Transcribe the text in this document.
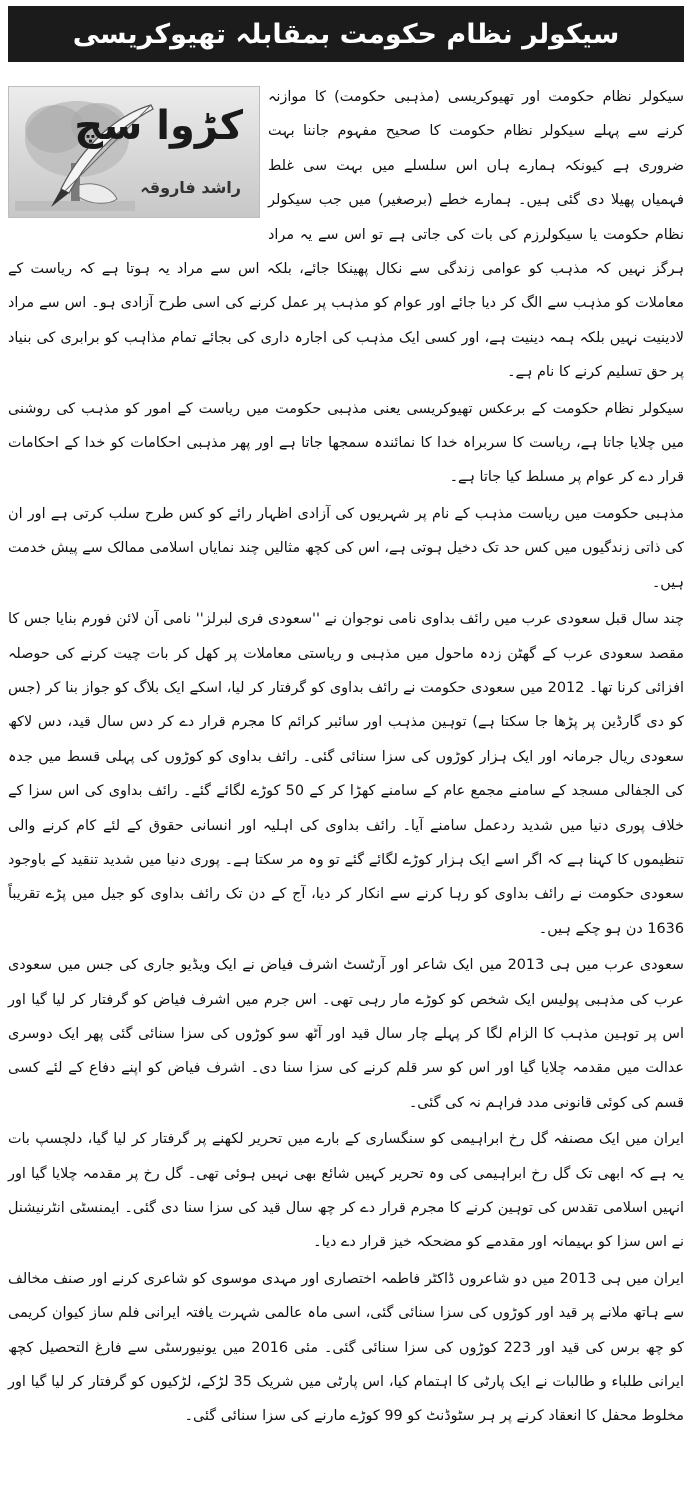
سیکولر نظام حکومت بمقابلہ تھیوکریسی

کڑوا سچ
راشد فاروقہ
سیکولر نظام حکومت اور تھیوکریسی (مذہبی حکومت) کا موازنہ کرنے سے پہلے سیکولر نظام حکومت کا صحیح مفہوم جاننا بہت ضروری ہے کیونکہ ہمارے ہاں اس سلسلے میں بہت سی غلط فہمیاں پھیلا دی گئی ہیں۔ ہمارے خطے (برصغیر) میں جب سیکولر نظام حکومت یا سیکولرزم کی بات کی جاتی ہے تو اس سے یہ مراد ہرگز نہیں کہ مذہب کو عوامی زندگی سے نکال پھینکا جائے، بلکہ اس سے مراد یہ ہوتا ہے کہ ریاست کے معاملات کو مذہب سے الگ کر دیا جائے اور عوام کو مذہب پر عمل کرنے کی اسی طرح آزادی ہو۔ اس سے مراد لادینیت نہیں بلکہ ہمہ دینیت ہے، اور کسی ایک مذہب کی اجارہ داری کی بجائے تمام مذاہب کو برابری کی بنیاد پر حق تسلیم کرنے کا نام ہے۔

سیکولر نظام حکومت کے برعکس تھیوکریسی یعنی مذہبی حکومت میں ریاست کے امور کو مذہب کی روشنی میں چلایا جاتا ہے، ریاست کا سربراہ خدا کا نمائندہ سمجھا جاتا ہے اور پھر مذہبی احکامات کو خدا کے احکامات قرار دے کر عوام پر مسلط کیا جاتا ہے۔

مذہبی حکومت میں ریاست مذہب کے نام پر شہریوں کی آزادی اظہار رائے کو کس طرح سلب کرتی ہے اور ان کی ذاتی زندگیوں میں کس حد تک دخیل ہوتی ہے، اس کی کچھ مثالیں چند نمایاں اسلامی ممالک سے پیش خدمت ہیں۔

چند سال قبل سعودی عرب میں رائف بداوی نامی نوجوان نے ''سعودی فری لبرلز'' نامی آن لائن فورم بنایا جس کا مقصد سعودی عرب کے گھٹن زدہ ماحول میں مذہبی و ریاستی معاملات پر کھل کر بات چیت کرنے کی حوصلہ افزائی کرنا تھا۔ 2012 میں سعودی حکومت نے رائف بداوی کو گرفتار کر لیا، اسکے ایک بلاگ کو جواز بنا کر (جس کو دی گارڈین پر پڑھا جا سکتا ہے) توہین مذہب اور سائبر کرائم کا مجرم قرار دے کر دس سال قید، دس لاکھ سعودی ریال جرمانہ اور ایک ہزار کوڑوں کی سزا سنائی گئی۔ رائف بداوی کو کوڑوں کی پہلی قسط میں جدہ کی الجفالی مسجد کے سامنے مجمع عام کے سامنے کھڑا کر کے 50 کوڑے لگائے گئے۔ رائف بداوی کی اس سزا کے خلاف پوری دنیا میں شدید ردعمل سامنے آیا۔ رائف بداوی کی اہلیہ اور انسانی حقوق کے لئے کام کرنے والی تنظیموں کا کہنا ہے کہ اگر اسے ایک ہزار کوڑے لگائے گئے تو وہ مر سکتا ہے۔ پوری دنیا میں شدید تنقید کے باوجود سعودی حکومت نے رائف بداوی کو رہا کرنے سے انکار کر دیا، آج کے دن تک رائف بداوی کو جیل میں پڑے تقریباً 1636 دن ہو چکے ہیں۔

سعودی عرب میں ہی 2013 میں ایک شاعر اور آرٹسٹ اشرف فیاض نے ایک ویڈیو جاری کی جس میں سعودی عرب کی مذہبی پولیس ایک شخص کو کوڑے مار رہی تھی۔ اس جرم میں اشرف فیاض کو گرفتار کر لیا گیا اور اس پر توہین مذہب کا الزام لگا کر پہلے چار سال قید اور آٹھ سو کوڑوں کی سزا سنائی گئی پھر ایک دوسری عدالت میں مقدمہ چلایا گیا اور اس کو سر قلم کرنے کی سزا سنا دی۔ اشرف فیاض کو اپنے دفاع کے لئے کسی قسم کی کوئی قانونی مدد فراہم نہ کی گئی۔

ایران میں ایک مصنفہ گل رخ ابراہیمی کو سنگساری کے بارے میں تحریر لکھنے پر گرفتار کر لیا گیا، دلچسپ بات یہ ہے کہ ابھی تک گل رخ ابراہیمی کی وہ تحریر کہیں شائع بھی نہیں ہوئی تھی۔ گل رخ پر مقدمہ چلایا گیا اور انہیں اسلامی تقدس کی توہین کرنے کا مجرم قرار دے کر چھ سال قید کی سزا سنا دی گئی۔ ایمنسٹی انٹرنیشنل نے اس سزا کو بہیمانہ اور مقدمے کو مضحکہ خیز قرار دے دیا۔

ایران میں ہی 2013 میں دو شاعروں ڈاکٹر فاطمہ اختصاری اور مہدی موسوی کو شاعری کرنے اور صنف مخالف سے ہاتھ ملانے پر قید اور کوڑوں کی سزا سنائی گئی، اسی ماہ عالمی شہرت یافتہ ایرانی فلم ساز کیوان کریمی کو چھ برس کی قید اور 223 کوڑوں کی سزا سنائی گئی۔ مئی 2016 میں یونیورسٹی سے فارغ التحصیل کچھ ایرانی طلباء و طالبات نے ایک پارٹی کا اہتمام کیا، اس پارٹی میں شریک 35 لڑکے، لڑکیوں کو گرفتار کر لیا گیا اور مخلوط محفل کا انعقاد کرنے پر ہر سٹوڈنٹ کو 99 کوڑے مارنے کی سزا سنائی گئی۔
